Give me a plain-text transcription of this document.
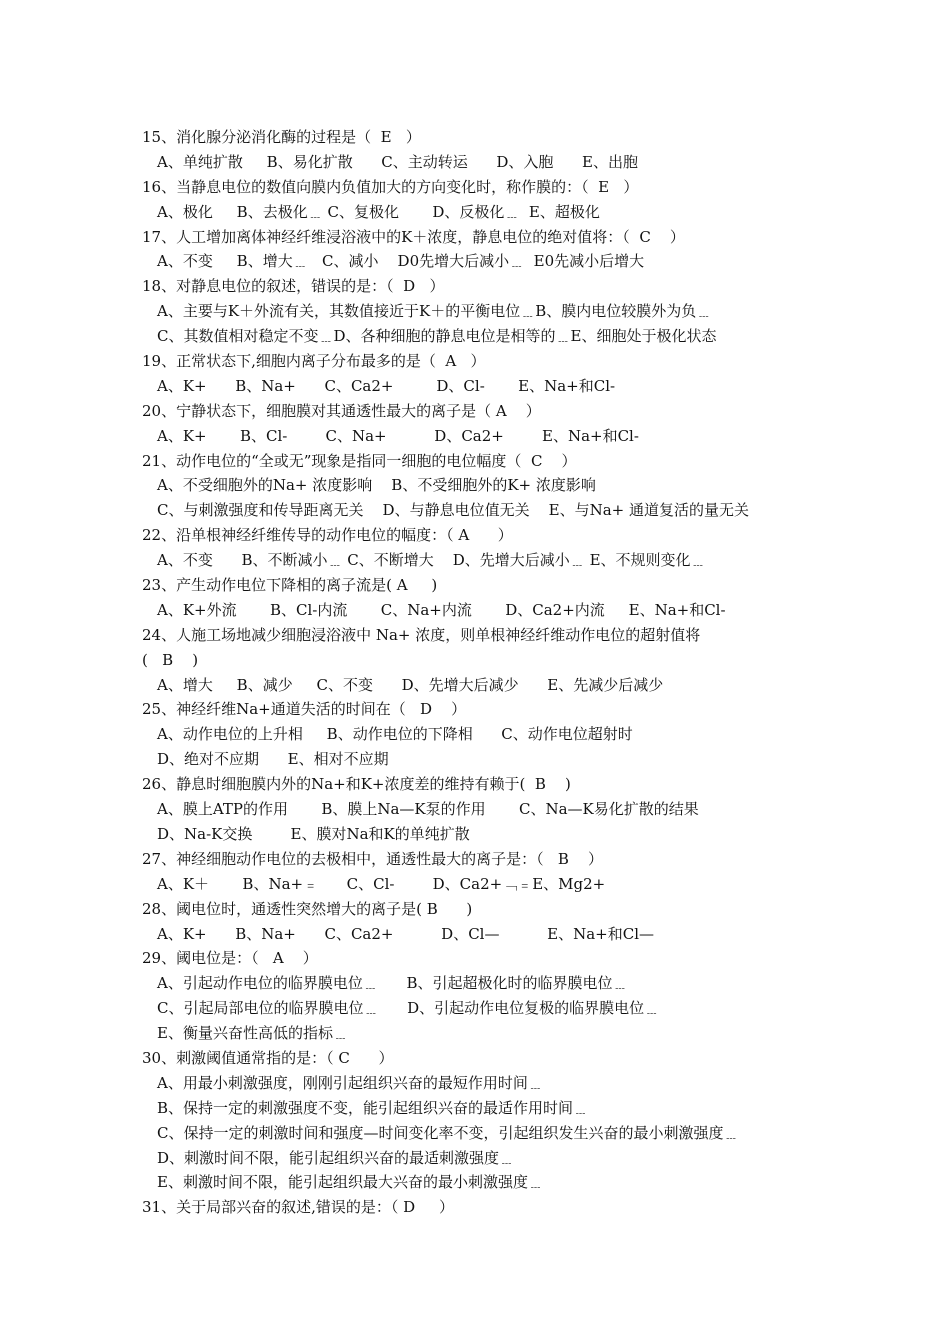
15、消化腺分泌消化酶的过程是（  E   ）
A、单纯扩散     B、易化扩散      C、主动转运      D、入胞      E、出胞
16、当静息电位的数值向膜内负值加大的方向变化时，称作膜的：（  E   ）
A、极化     B、去极化﹍ C、复极化       D、反极化﹍  E、超极化
17、人工增加离体神经纤维浸浴液中的K＋浓度，静息电位的绝对值将：（  C    ）
A、不变     B、增大﹍   C、减小    D0先增大后减小﹍  E0先减小后增大
18、对静息电位的叙述，错误的是：（  D   ）
A、主要与K＋外流有关，其数值接近于K＋的平衡电位﹍B、膜内电位较膜外为负﹍
C、其数值相对稳定不变﹍D、各种细胞的静息电位是相等的﹍E、细胞处于极化状态
19、正常状态下,细胞内离子分布最多的是（  A   ）
A、K+      B、Na+      C、Ca2+         D、Cl-       E、Na+和Cl-
20、宁静状态下，细胞膜对其通透性最大的离子是（ A    ）
A、K+       B、Cl-        C、Na+          D、Ca2+        E、Na+和Cl-
21、动作电位的“全或无”现象是指同一细胞的电位幅度（  C    ）
A、不受细胞外的Na+ 浓度影响    B、不受细胞外的K+ 浓度影响
C、与刺激强度和传导距离无关    D、与静息电位值无关    E、与Na+ 通道复活的量无关
22、沿单根神经纤维传导的动作电位的幅度：（ A      ）
A、不变      B、不断减小﹍ C、不断增大    D、先增大后减小﹍ E、不规则变化﹍
23、产生动作电位下降相的离子流是( A     )
A、K+外流       B、Cl-内流       C、Na+内流       D、Ca2+内流     E、Na+和Cl-
24、人施工场地减少细胞浸浴液中 Na+ 浓度，则单根神经纤维动作电位的超射值将
(   B    )
A、增大     B、减少     C、不变      D、先增大后减少      E、先减少后减少
25、神经纤维Na+通道失活的时间在（   D    ）
A、动作电位的上升相     B、动作电位的下降相      C、动作电位超射时
D、绝对不应期      E、相对不应期
26、静息时细胞膜内外的Na+和K+浓度差的维持有赖于(  B    )
A、膜上ATP的作用       B、膜上Na—K泵的作用       C、Na—K易化扩散的结果
D、Na-K交换        E、膜对Na和K的单纯扩散
27、神经细胞动作电位的去极相中，通透性最大的离子是：（   B    ）
A、K＋       B、Na+﹦      C、Cl-        D、Ca2+﹁﹦E、Mg2+
28、阈电位时，通透性突然增大的离子是( B      )
A、K+      B、Na+      C、Ca2+          D、Cl—          E、Na+和Cl—
29、阈电位是：（   A    ）
A、引起动作电位的临界膜电位﹍      B、引起超极化时的临界膜电位﹍
C、引起局部电位的临界膜电位﹍      D、引起动作电位复极的临界膜电位﹍
E、衡量兴奋性高低的指标﹍
30、刺激阈值通常指的是：（ C      ）
A、用最小刺激强度，刚刚引起组织兴奋的最短作用时间﹍
B、保持一定的刺激强度不变，能引起组织兴奋的最适作用时间﹍
C、保持一定的刺激时间和强度—时间变化率不变，引起组织发生兴奋的最小刺激强度﹍
D、刺激时间不限，能引起组织兴奋的最适刺激强度﹍
E、刺激时间不限，能引起组织最大兴奋的最小刺激强度﹍
31、关于局部兴奋的叙述,错误的是：（ D     ）
